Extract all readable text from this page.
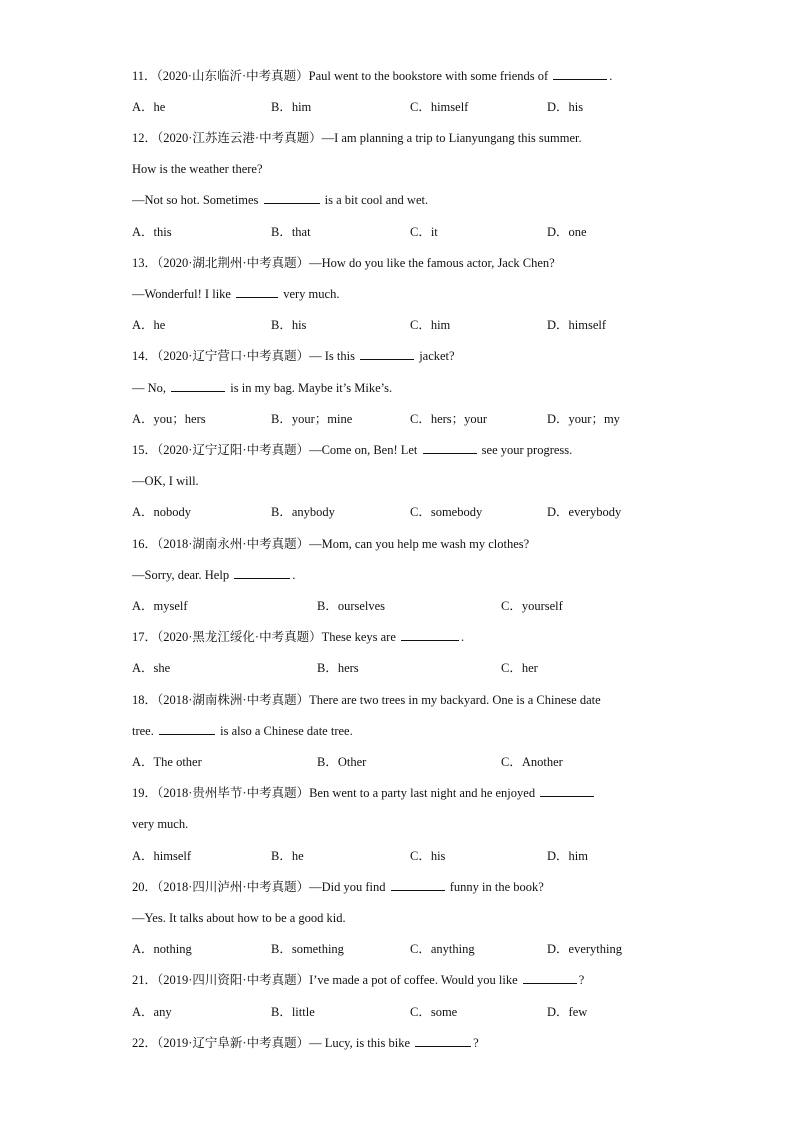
11．（2020·山东临沂·中考真题）Paul went to the bookstore with some friends of	.
A．he	B．him	C．himself	D．his
12．（2020·江苏连云港·中考真题）—I am planning a trip to Lianyungang this summer.
How is the weather there?
—Not so hot. Sometimes	is a bit cool and wet.
A．this	B．that	C．it	D．one
13．（2020·湖北荆州·中考真题）—How do you like the famous actor, Jack Chen?
—Wonderful! I like	very much.
A．he	B．his	C．him	D．himself
14．（2020·辽宁营口·中考真题）— Is this	jacket?
— No,	is in my bag. Maybe it’s Mike’s.
A．you；hers	B．your；mine	C．hers；your	D．your；my
15．（2020·辽宁辽阳·中考真题）—Come on, Ben! Let	see your progress.
—OK, I will.
A．nobody	B．anybody	C．somebody	D．everybody
16．（2018·湖南永州·中考真题）—Mom, can you help me wash my clothes?
—Sorry, dear. Help	.
A．myself	B．ourselves	C．yourself
17．（2020·黑龙江绥化·中考真题）These keys are	.
A．she	B．hers	C．her
18．（2018·湖南株洲·中考真题）There are two trees in my backyard. One is a Chinese date
tree.	is also a Chinese date tree.
A．The other	B．Other	C．Another
19．（2018·贵州毕节·中考真题）Ben went to a party last night and he enjoyed
very much.
A．himself	B．he	C．his	D．him
20．（2018·四川泸州·中考真题）—Did you find	funny in the book?
—Yes. It talks about how to be a good kid.
A．nothing	B．something	C．anything	D．everything
21．（2019·四川资阳·中考真题）I’ve made a pot of coffee. Would you like	?
A．any	B．little	C．some	D．few
22．（2019·辽宁阜新·中考真题）— Lucy, is this bike	?
